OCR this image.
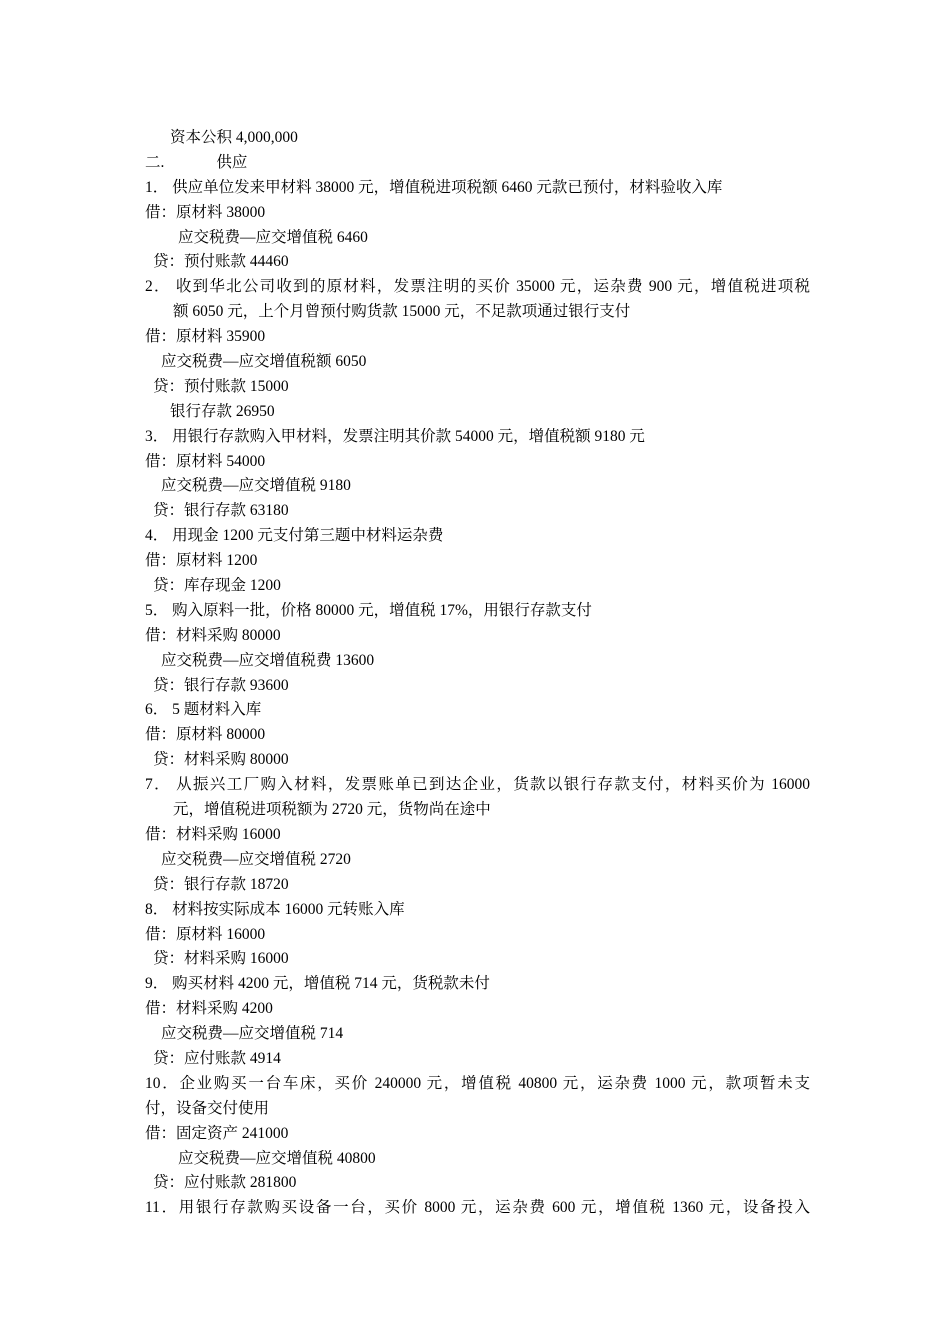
资本公积 4,000,000
二.	供应
1． 供应单位发来甲材料 38000 元，增值税进项税额 6460 元款已预付，材料验收入库
借：原材料 38000
应交税费—应交增值税 6460
贷：预付账款 44460
2． 收到华北公司收到的原材料，发票注明的买价 35000 元，运杂费 900 元，增值税进项税
额 6050 元，上个月曾预付购货款 15000 元，不足款项通过银行支付
借：原材料 35900
应交税费—应交增值税额 6050
贷：预付账款 15000
银行存款 26950
3． 用银行存款购入甲材料，发票注明其价款 54000 元，增值税额 9180 元
借：原材料 54000
应交税费—应交增值税 9180
贷：银行存款 63180
4． 用现金 1200 元支付第三题中材料运杂费
借：原材料 1200
贷：库存现金 1200
5． 购入原料一批，价格 80000 元，增值税 17%，用银行存款支付
借：材料采购 80000
应交税费—应交增值税费 13600
贷：银行存款 93600
6． 5 题材料入库
借：原材料 80000
贷：材料采购 80000
7． 从振兴工厂购入材料，发票账单已到达企业，货款以银行存款支付，材料买价为 16000
元，增值税进项税额为 2720 元，货物尚在途中
借：材料采购 16000
应交税费—应交增值税 2720
贷：银行存款 18720
8． 材料按实际成本 16000 元转账入库
借：原材料 16000
贷：材料采购 16000
9． 购买材料 4200 元，增值税 714 元，货税款未付
借：材料采购 4200
应交税费—应交增值税 714
贷：应付账款 4914
10．企业购买一台车床，买价 240000 元，增值税 40800 元，运杂费 1000 元，款项暂未支
付，设备交付使用
借：固定资产 241000
应交税费—应交增值税 40800
贷：应付账款 281800
11．用银行存款购买设备一台，买价 8000 元，运杂费 600 元，增值税 1360 元，设备投入
